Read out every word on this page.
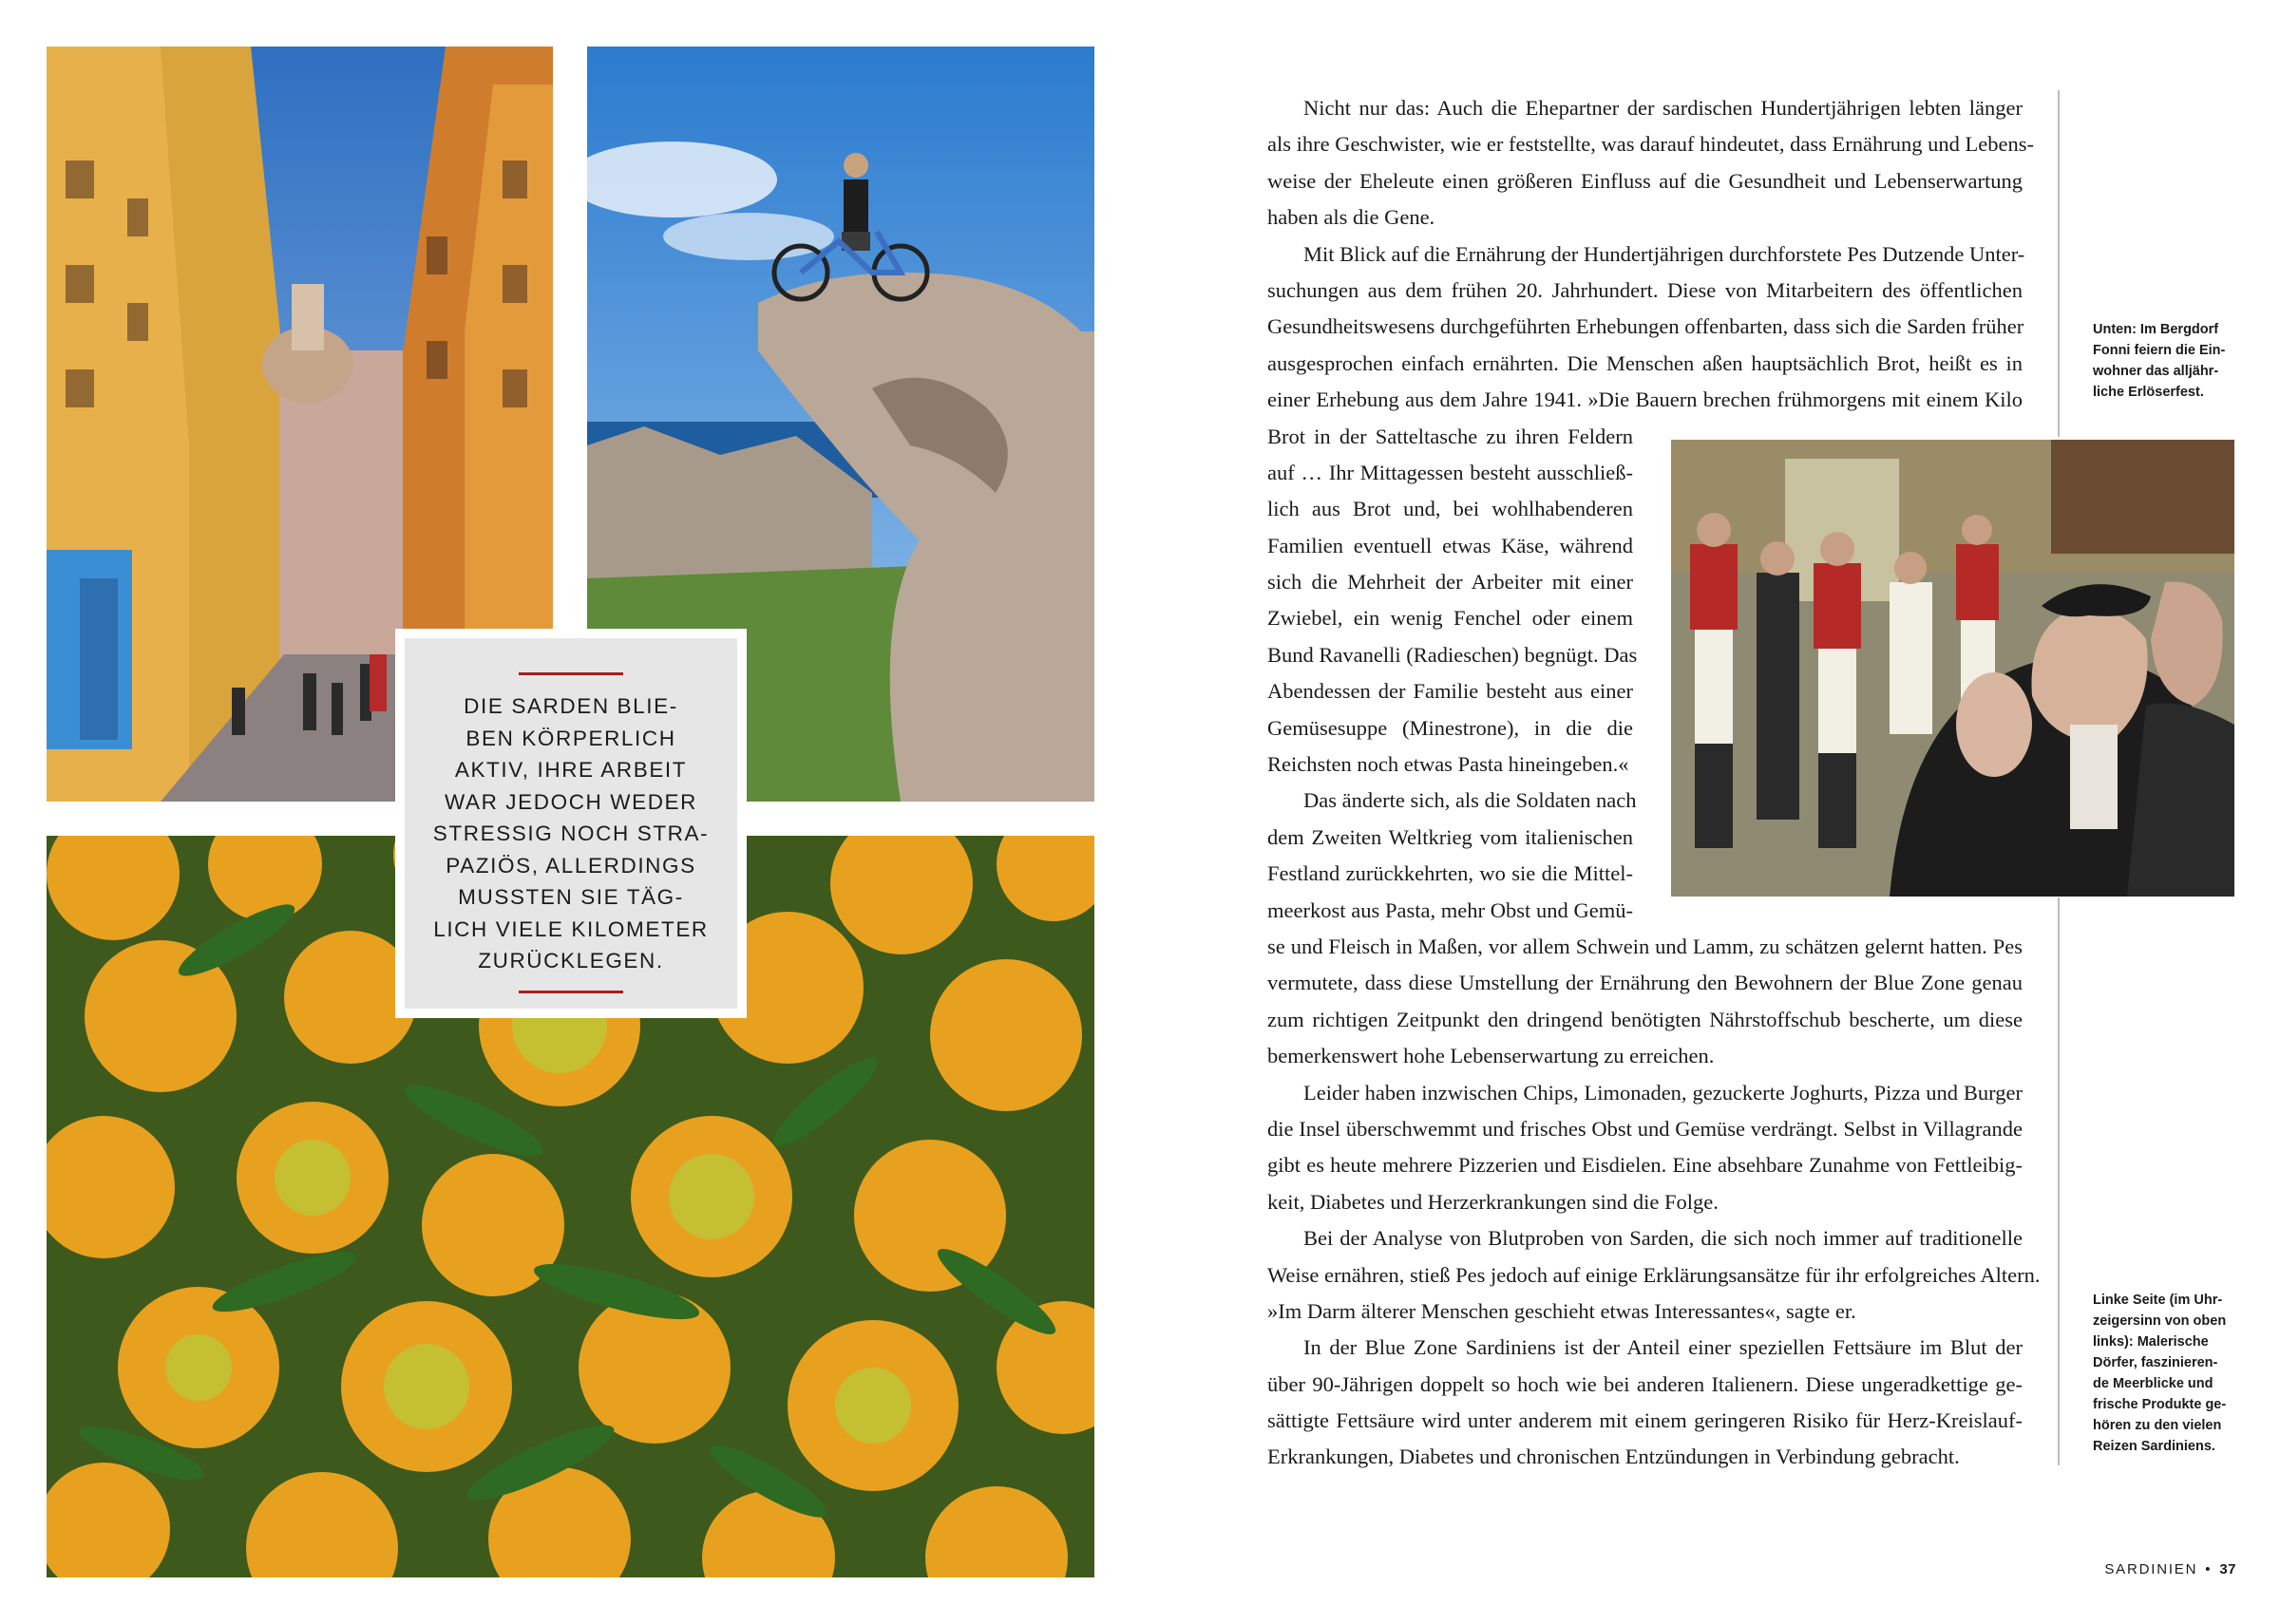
DIE SARDEN BLIE-
BEN KÖRPERLICH
AKTIV, IHRE ARBEIT
WAR JEDOCH WEDER
STRESSIG NOCH STRA-
PAZIÖS, ALLERDINGS
MUSSTEN SIE TÄG-
LICH VIELE KILOMETER
ZURÜCKLEGEN.
Nicht nur das: Auch die Ehepartner der sardischen Hundertjährigen lebten länger
als ihre Geschwister, wie er feststellte, was darauf hindeutet, dass Ernährung und Lebens-
weise der Eheleute einen größeren Einfluss auf die Gesundheit und Lebenserwartung
haben als die Gene.
Mit Blick auf die Ernährung der Hundertjährigen durchforstete Pes Dutzende Unter-
suchungen aus dem frühen 20. Jahrhundert. Diese von Mitarbeitern des öffentlichen
Gesundheitswesens durchgeführten Erhebungen offenbarten, dass sich die Sarden früher
ausgesprochen einfach ernährten. Die Menschen aßen hauptsächlich Brot, heißt es in
einer Erhebung aus dem Jahre 1941. »Die Bauern brechen frühmorgens mit einem Kilo
Brot in der Satteltasche zu ihren Feldern
auf … Ihr Mittagessen besteht ausschließ-
lich aus Brot und, bei wohlhabenderen
Familien eventuell etwas Käse, während
sich die Mehrheit der Arbeiter mit einer
Zwiebel, ein wenig Fenchel oder einem
Bund Ravanelli (Radieschen) begnügt. Das
Abendessen der Familie besteht aus einer
Gemüsesuppe (Minestrone), in die die
Reichsten noch etwas Pasta hineingeben.«
Das änderte sich, als die Soldaten nach
dem Zweiten Weltkrieg vom italienischen
Festland zurückkehrten, wo sie die Mittel-
meerkost aus Pasta, mehr Obst und Gemü-
se und Fleisch in Maßen, vor allem Schwein und Lamm, zu schätzen gelernt hatten. Pes
vermutete, dass diese Umstellung der Ernährung den Bewohnern der Blue Zone genau
zum richtigen Zeitpunkt den dringend benötigten Nährstoffschub bescherte, um diese
bemerkenswert hohe Lebenserwartung zu erreichen.
Leider haben inzwischen Chips, Limonaden, gezuckerte Joghurts, Pizza und Burger
die Insel überschwemmt und frisches Obst und Gemüse verdrängt. Selbst in Villagrande
gibt es heute mehrere Pizzerien und Eisdielen. Eine absehbare Zunahme von Fettleibig-
keit, Diabetes und Herzerkrankungen sind die Folge.
Bei der Analyse von Blutproben von Sarden, die sich noch immer auf traditionelle
Weise ernähren, stieß Pes jedoch auf einige Erklärungsansätze für ihr erfolgreiches Altern.
»Im Darm älterer Menschen geschieht etwas Interessantes«, sagte er.
In der Blue Zone Sardiniens ist der Anteil einer speziellen Fettsäure im Blut der
über 90-Jährigen doppelt so hoch wie bei anderen Italienern. Diese ungeradkettige ge-
sättigte Fettsäure wird unter anderem mit einem geringeren Risiko für Herz-Kreislauf-
Erkrankungen, Diabetes und chronischen Entzündungen in Verbindung gebracht.
Unten: Im Bergdorf
Fonni feiern die Ein-
wohner das alljähr-
liche Erlöserfest.
Linke Seite (im Uhr-
zeigersinn von oben
links): Malerische
Dörfer, faszinieren-
de Meerblicke und
frische Produkte ge-
hören zu den vielen
Reizen Sardiniens.
SARDINIEN • 37
